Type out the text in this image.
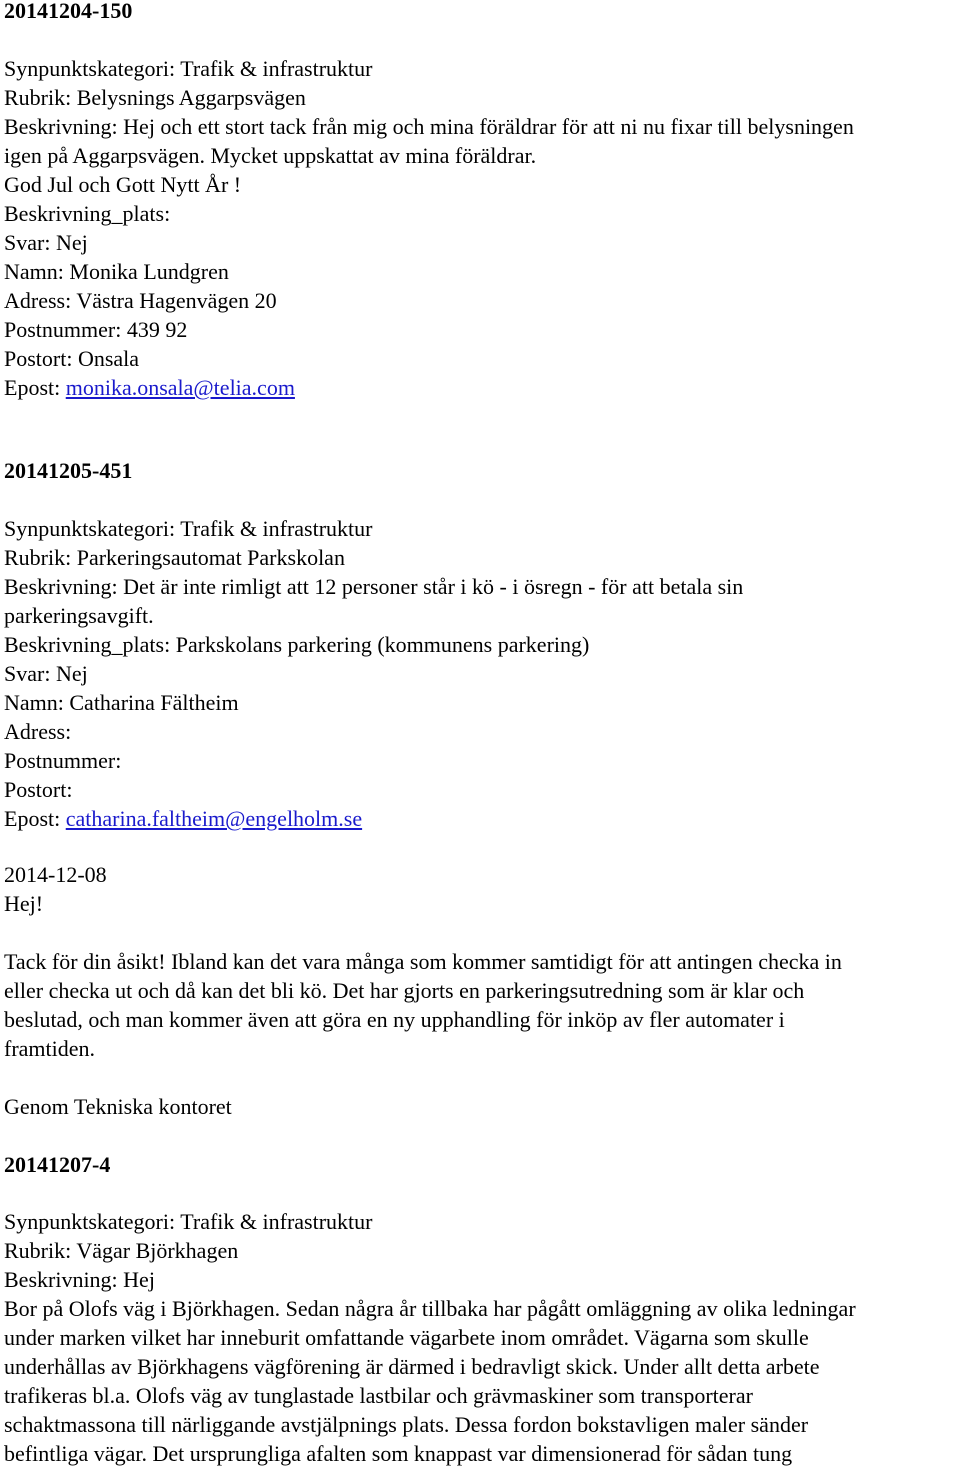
20141204-150
Synpunktskategori: Trafik & infrastruktur
Rubrik: Belysnings Aggarpsvägen
Beskrivning: Hej och ett stort tack från mig och mina föräldrar för att ni nu fixar till belysningen
igen på Aggarpsvägen. Mycket uppskattat av mina föräldrar.
God Jul och Gott Nytt År !
Beskrivning_plats:
Svar: Nej
Namn: Monika Lundgren
Adress: Västra Hagenvägen 20
Postnummer: 439 92
Postort: Onsala
Epost: monika.onsala@telia.com
20141205-451
Synpunktskategori: Trafik & infrastruktur
Rubrik: Parkeringsautomat Parkskolan
Beskrivning: Det är inte rimligt att 12 personer står i kö - i ösregn - för att betala sin
parkeringsavgift.
Beskrivning_plats: Parkskolans parkering (kommunens parkering)
Svar: Nej
Namn: Catharina Fältheim
Adress:
Postnummer:
Postort:
Epost: catharina.faltheim@engelholm.se
2014-12-08
Hej!
Tack för din åsikt! Ibland kan det vara många som kommer samtidigt för att antingen checka in
eller checka ut och då kan det bli kö. Det har gjorts en parkeringsutredning som är klar och
beslutad, och man kommer även att göra en ny upphandling för inköp av fler automater i
framtiden.
Genom Tekniska kontoret
20141207-4
Synpunktskategori: Trafik & infrastruktur
Rubrik: Vägar Björkhagen
Beskrivning: Hej
Bor på Olofs väg i Björkhagen. Sedan några år tillbaka har pågått omläggning av olika ledningar
under marken vilket har inneburit omfattande vägarbete inom området. Vägarna som skulle
underhållas av Björkhagens vägförening är därmed i bedravligt skick. Under allt detta arbete
trafikeras bl.a. Olofs väg av tunglastade lastbilar och grävmaskiner som transporterar
schaktmassona till närliggande avstjälpnings plats. Dessa fordon bokstavligen maler sänder
befintliga vägar. Det ursprungliga afalten som knappast var dimensionerad för sådan tung
